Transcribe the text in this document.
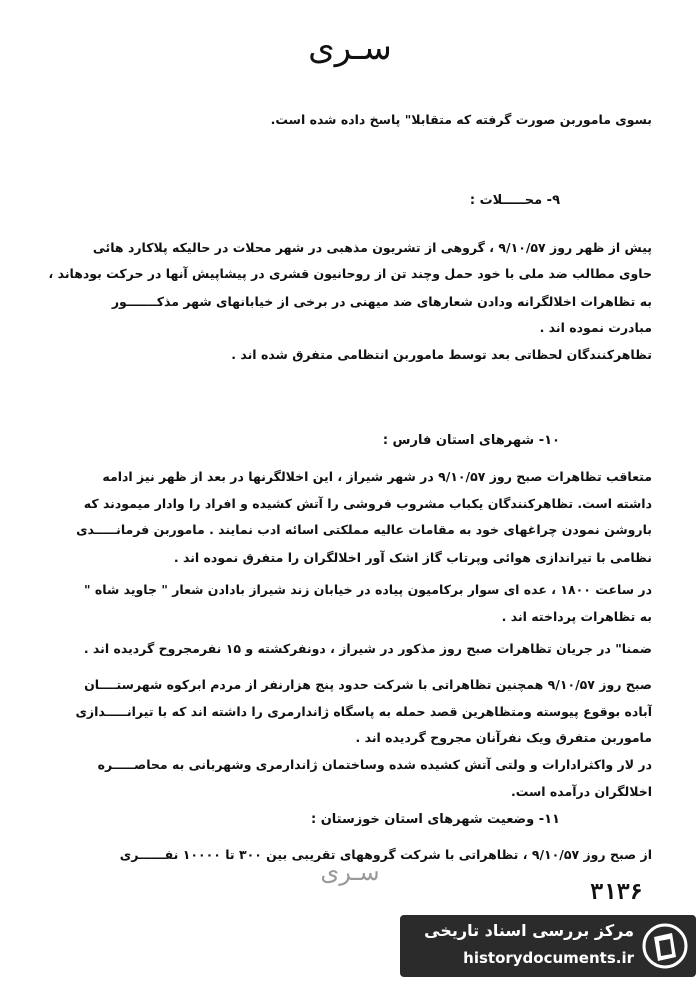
سـری
بسوی ماموربن صورت گرفته که متقابلا" پاسخ داده شده است.
۹- محـــــلات :
پیش از ظهر روز ۹/۱۰/۵۷ ، گروهی از تشریون مذهبی در شهر محلات در حالیکه پلاکارد هائی
حاوی مطالب ضد ملی با خود حمل وچند تن از روحانیون قشری در پیشاپیش آنها در حرکت بودهاند ،
به تظاهرات اخلالگرانه ودادن شعارهای ضد میهنی در برخی از خیابانهای شهر مذکـــــــور
مبادرت نموده اند .
تظاهرکنندگان لحظاتی بعد توسط ماموربن انتظامی متفرق شده اند .
۱۰- شهرهای استان فارس :
متعاقب تظاهرات صبح روز ۹/۱۰/۵۷ در شهر شیراز ، این اخلالگرنها در بعد از ظهر نیز ادامه
داشته است. تظاهرکنندگان یکباب مشروب فروشی را آتش کشیده و افراد را وادار میمودند که
باروشن نمودن چراغهای خود به مقامات عالیه مملکتی اسائه ادب نمایند . ماموربن فرمانـــــدی
نظامی با تیراندازی هوائی وپرتاب گاز اشک آور اخلالگران را متفرق نموده اند .
در ساعت ۱۸۰۰ ، عده ای سوار برکامیون پیاده در خیابان زند شیراز بادادن شعار " جاوید شاه "
به تظاهرات پرداخته اند .
ضمنا" در جریان تظاهرات صبح روز مذکور در شیراز ، دونفرکشته و ۱۵ نفرمجروح گردیده اند .
صبح روز ۹/۱۰/۵۷ همچنین تظاهراتی با شرکت حدود پنج هزارنفر از مردم ابرکوه شهرستــــان
آباده بوقوع پیوسته ومتظاهرین قصد حمله به پاسگاه ژاندارمری را داشته اند که با تیرانـــــدازی
ماموربن متفرق ویک نفرآنان مجروح گردیده اند .
در لار واکثرادارات و ولتی آتش کشیده شده وساختمان ژاندارمری وشهربانی به محاصـــــره
اخلالگران درآمده است.
۱۱- وضعیت شهرهای استان خوزستان :
از صبح روز ۹/۱۰/۵۷ ، تظاهراتی با شرکت گروههای تقریبی بین ۳۰۰ تا ۱۰۰۰۰ نفــــــری
سـری
۳۱۳۶
مرکز بررسی اسناد تاریخی
historydocuments.ir
